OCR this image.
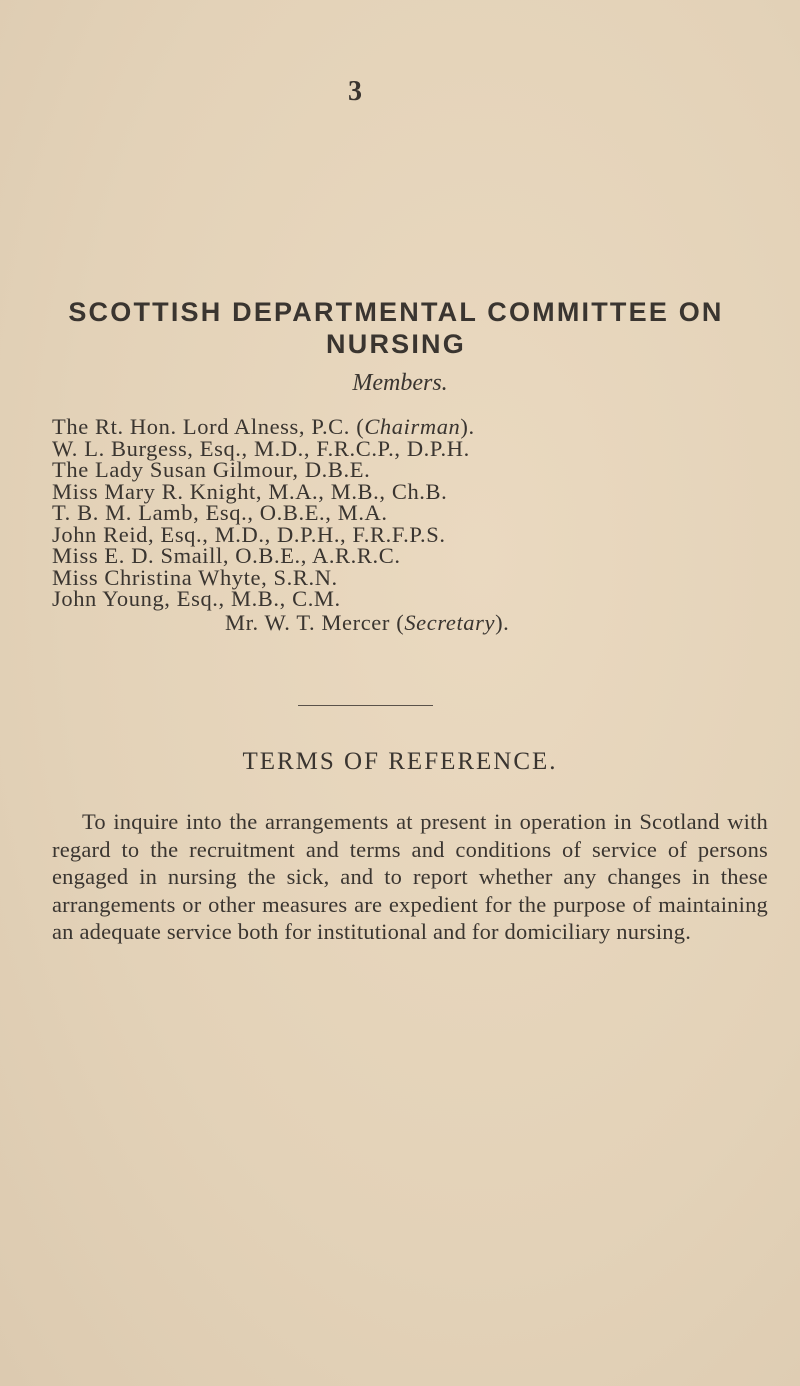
3
SCOTTISH DEPARTMENTAL COMMITTEE ON NURSING
Members.
The Rt. Hon. Lord Alness, P.C. (Chairman).
W. L. Burgess, Esq., M.D., F.R.C.P., D.P.H.
The Lady Susan Gilmour, D.B.E.
Miss Mary R. Knight, M.A., M.B., Ch.B.
T. B. M. Lamb, Esq., O.B.E., M.A.
John Reid, Esq., M.D., D.P.H., F.R.F.P.S.
Miss E. D. Smaill, O.B.E., A.R.R.C.
Miss Christina Whyte, S.R.N.
John Young, Esq., M.B., C.M.
Mr. W. T. Mercer (Secretary).
TERMS OF REFERENCE.

To inquire into the arrangements at present in operation in Scotland with regard to the recruitment and terms and conditions of service of persons engaged in nursing the sick, and to report whether any changes in these arrangements or other measures are expedient for the purpose of maintaining an adequate service both for institutional and for domiciliary nursing.
